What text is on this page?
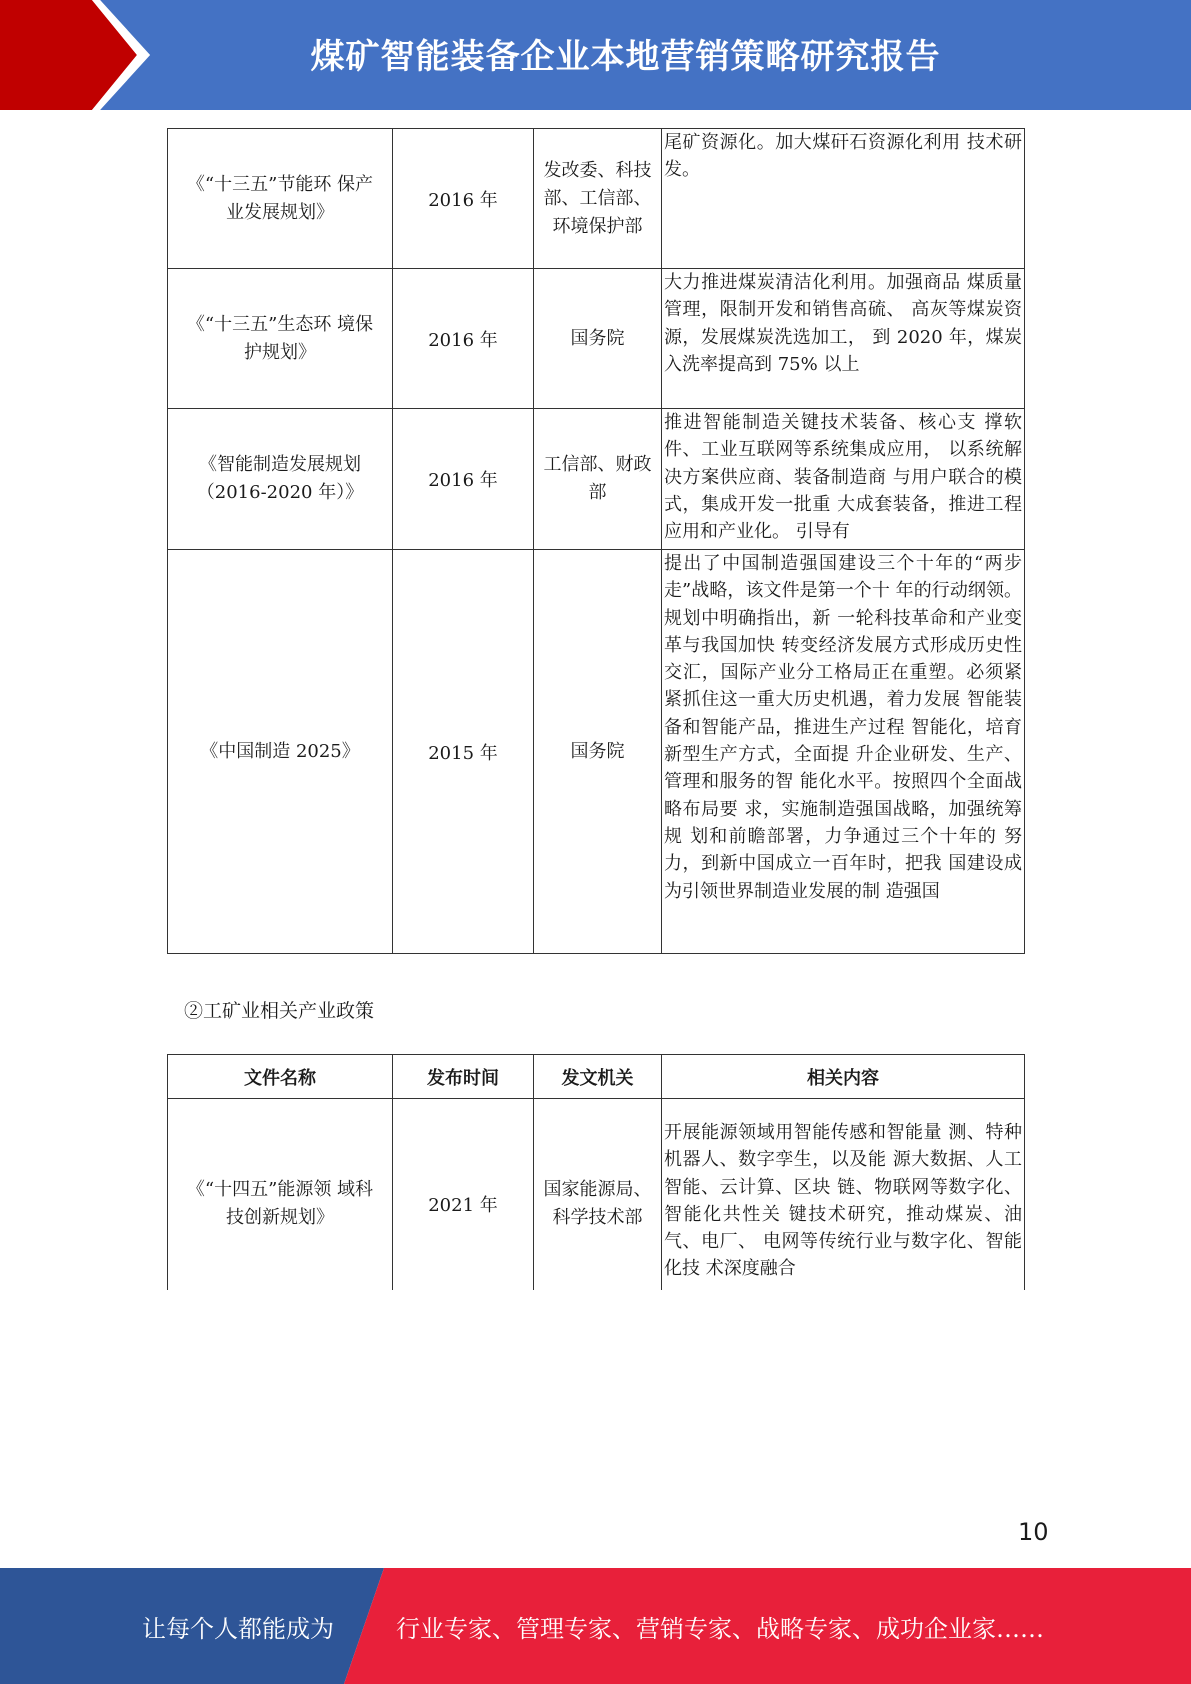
煤矿智能装备企业本地营销策略研究报告
《“十三五”节能环 保产业发展规划》	2016 年	发改委、科技部、工信部、环境保护部	尾矿资源化。加大煤矸石资源化利用 技术研发。
《“十三五”生态环 境保护规划》	2016 年	国务院	大力推进煤炭清洁化利用。加强商品 煤质量管理，限制开发和销售高硫、 高灰等煤炭资源，发展煤炭洗选加工， 到 2020 年，煤炭入洗率提高到 75% 以上
《智能制造发展规划（2016-2020 年）》	2016 年	工信部、财政部	推进智能制造关键技术装备、核心支 撑软件、工业互联网等系统集成应用， 以系统解决方案供应商、装备制造商 与用户联合的模式，集成开发一批重 大成套装备，推进工程应用和产业化。 引导有
《中国制造 2025》	2015 年	国务院	提出了中国制造强国建设三个十年的“两步走”战略，该文件是第一个十 年的行动纲领。规划中明确指出，新 一轮科技革命和产业变革与我国加快 转变经济发展方式形成历史性交汇，国际产业分工格局正在重塑。必须紧 紧抓住这一重大历史机遇，着力发展 智能装备和智能产品，推进生产过程 智能化，培育新型生产方式，全面提 升企业研发、生产、管理和服务的智 能化水平。按照四个全面战略布局要 求，实施制造强国战略，加强统筹规 划和前瞻部署，力争通过三个十年的 努力，到新中国成立一百年时，把我 国建设成为引领世界制造业发展的制 造强国
②工矿业相关产业政策
文件名称	发布时间	发文机关	相关内容
《“十四五”能源领 域科技创新规划》	2021 年	国家能源局、科学技术部	开展能源领域用智能传感和智能量 测、特种机器人、数字孪生，以及能 源大数据、人工智能、云计算、区块 链、物联网等数字化、智能化共性关 键技术研究，推动煤炭、油气、电厂、 电网等传统行业与数字化、智能化技 术深度融合
10
让每个人都能成为	行业专家、管理专家、营销专家、战略专家、成功企业家……
